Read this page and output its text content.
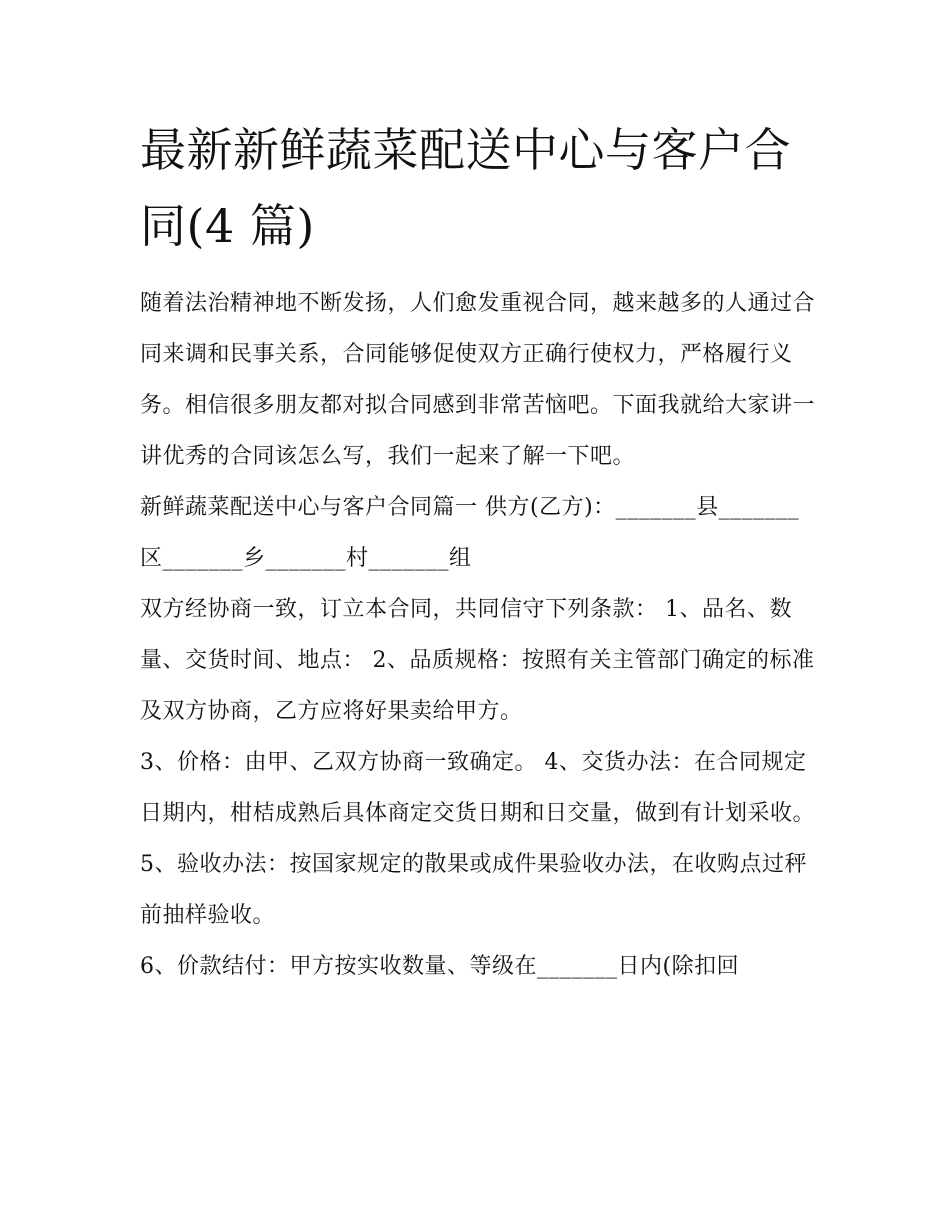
最新新鲜蔬菜配送中心与客户合同(4 篇)

随着法治精神地不断发扬，人们愈发重视合同，越来越多的人通过合同来调和民事关系，合同能够促使双方正确行使权力，严格履行义务。相信很多朋友都对拟合同感到非常苦恼吧。下面我就给大家讲一讲优秀的合同该怎么写，我们一起来了解一下吧。

新鲜蔬菜配送中心与客户合同篇一 供方(乙方)：_______县_______区_______乡_______村_______组

双方经协商一致，订立本合同，共同信守下列条款： 1、品名、数量、交货时间、地点： 2、品质规格：按照有关主管部门确定的标准及双方协商，乙方应将好果卖给甲方。

3、价格：由甲、乙双方协商一致确定。 4、交货办法：在合同规定日期内，柑桔成熟后具体商定交货日期和日交量，做到有计划采收。

5、验收办法：按国家规定的散果或成件果验收办法，在收购点过秤前抽样验收。

6、价款结付：甲方按实收数量、等级在_______日内(除扣回
